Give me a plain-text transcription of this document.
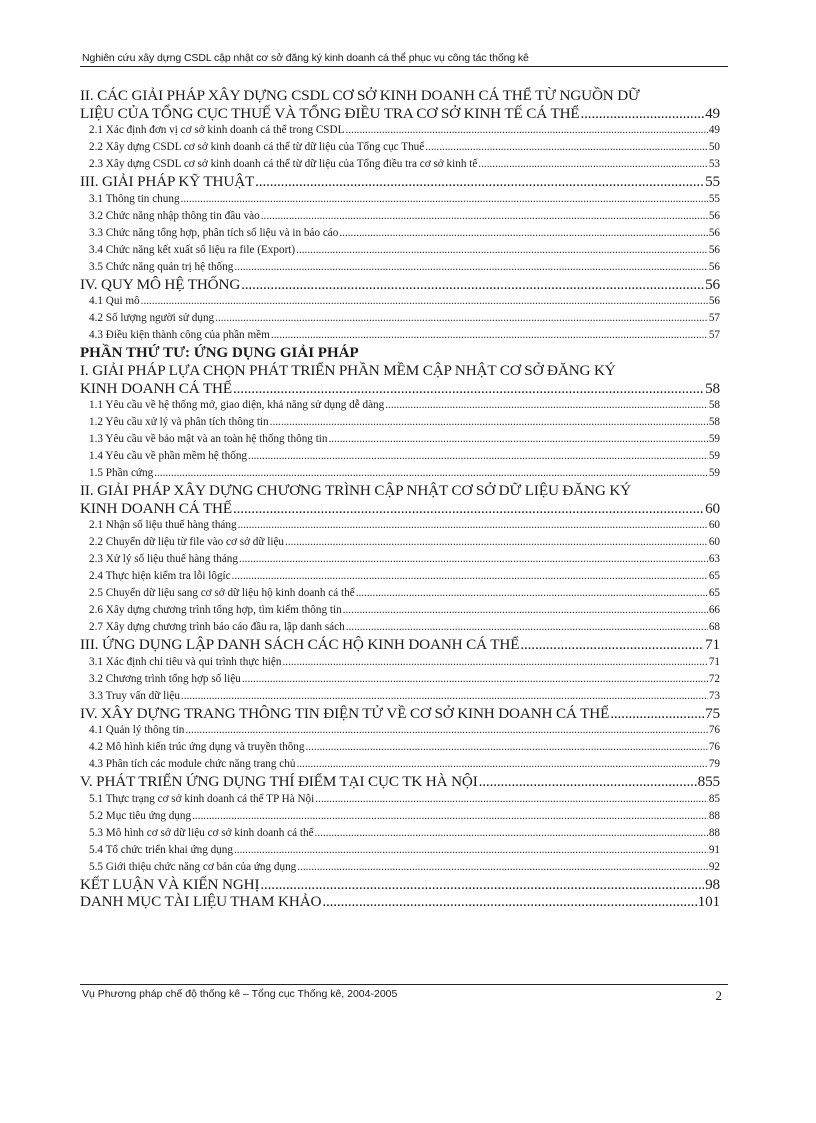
Nghiên cứu xây dựng CSDL cập nhật cơ sở đăng ký kinh doanh cá thể phục vụ công tác thống kê
II. CÁC GIẢI PHÁP XÂY DỰNG CSDL CƠ SỞ KINH DOANH CÁ THỂ TỪ NGUỒN DỮ
LIỆU CỦA TỔNG CỤC THUẾ VÀ TỔNG ĐIỀU TRA CƠ SỞ KINH TẾ CÁ THỂ .....	49
2.1 Xác định đơn vị cơ sở kinh doanh cá thể trong CSDL .....	49
2.2 Xây dựng CSDL cơ sở kinh doanh cá thể từ dữ liệu của Tổng cục Thuế .....	50
2.3 Xây dựng CSDL cơ sở kinh doanh cá thể từ dữ liệu của Tổng điều tra cơ sở kinh tế .....	53
III. GIẢI PHÁP KỸ THUẬT .....	55
3.1 Thông tin chung .....	55
3.2 Chức năng nhập thông tin đầu vào .....	56
3.3 Chức năng tổng hợp, phân tích số liệu và in báo cáo .....	56
3.4 Chức năng kết xuất số liệu ra file (Export) .....	56
3.5 Chức năng quản trị hệ thống .....	56
IV. QUY MÔ HỆ THỐNG .....	56
4.1 Qui mô .....	56
4.2 Số lượng người sử dụng .....	57
4.3 Điều kiện thành công của phần mềm .....	57
PHẦN THỨ TƯ: ỨNG DỤNG GIẢI PHÁP
I. GIẢI PHÁP LỰA CHỌN PHÁT TRIỂN PHẦN MỀM CẬP NHẬT CƠ SỞ ĐĂNG KÝ
KINH DOANH CÁ THỂ .....	58
1.1 Yêu cầu về hệ thống mở, giao diện, khả năng sử dụng dễ dàng .....	58
1.2 Yêu cầu xử lý và phân tích thông tin .....	58
1.3 Yêu cầu về bảo mật và an toàn hệ thống thông tin .....	59
1.4 Yêu cầu về phần mềm hệ thống .....	59
1.5 Phần cứng .....	59
II. GIẢI PHÁP XÂY DỰNG CHƯƠNG TRÌNH CẬP NHẬT CƠ SỞ DỮ LIỆU ĐĂNG KÝ
KINH DOANH CÁ THỂ .....	60
2.1 Nhận số liệu thuế hàng tháng .....	60
2.2 Chuyển dữ liệu từ file vào cơ sở dữ liệu .....	60
2.3 Xử lý số liệu thuế hàng tháng .....	63
2.4 Thực hiện kiểm tra lỗi lôgíc .....	65
2.5 Chuyển dữ liệu sang cơ sở dữ liệu hộ kinh doanh cá thể .....	65
2.6 Xây dựng chương trình tổng hợp, tìm kiếm thông tin .....	66
2.7 Xây dựng chương trình báo cáo đầu ra, lập danh sách .....	68
III. ỨNG DỤNG LẬP DANH SÁCH CÁC HỘ KINH DOANH CÁ THỂ .....	71
3.1 Xác định chỉ tiêu và qui trình thực hiện .....	71
3.2 Chương trình tổng hợp số liệu .....	72
3.3 Truy vấn dữ liệu .....	73
IV. XÂY DỰNG TRANG THÔNG TIN ĐIỆN TỬ VỀ CƠ SỞ KINH DOANH CÁ THỂ .....	75
4.1 Quản lý thông tin .....	76
4.2 Mô hình kiến trúc ứng dụng và truyền thông .....	76
4.3 Phân tích các module chức năng trang chủ .....	79
V. PHÁT TRIỂN ỨNG DỤNG THÍ ĐIỂM TẠI CỤC TK HÀ NỘI .....	855
5.1 Thực trạng cơ sở kinh doanh cá thể TP Hà Nội .....	85
5.2 Mục tiêu ứng dụng .....	88
5.3 Mô hình cơ sở dữ liệu cơ sở kinh doanh cá thể .....	88
5.4 Tổ chức triển khai ứng dụng .....	91
5.5 Giới thiệu chức năng cơ bản của ứng dụng .....	92
KẾT LUẬN VÀ KIẾN NGHỊ .....	98
DANH MỤC TÀI LIỆU THAM KHẢO .....	101
Vụ Phương pháp chế độ thống kê – Tổng cục Thống kê, 2004-2005	2
